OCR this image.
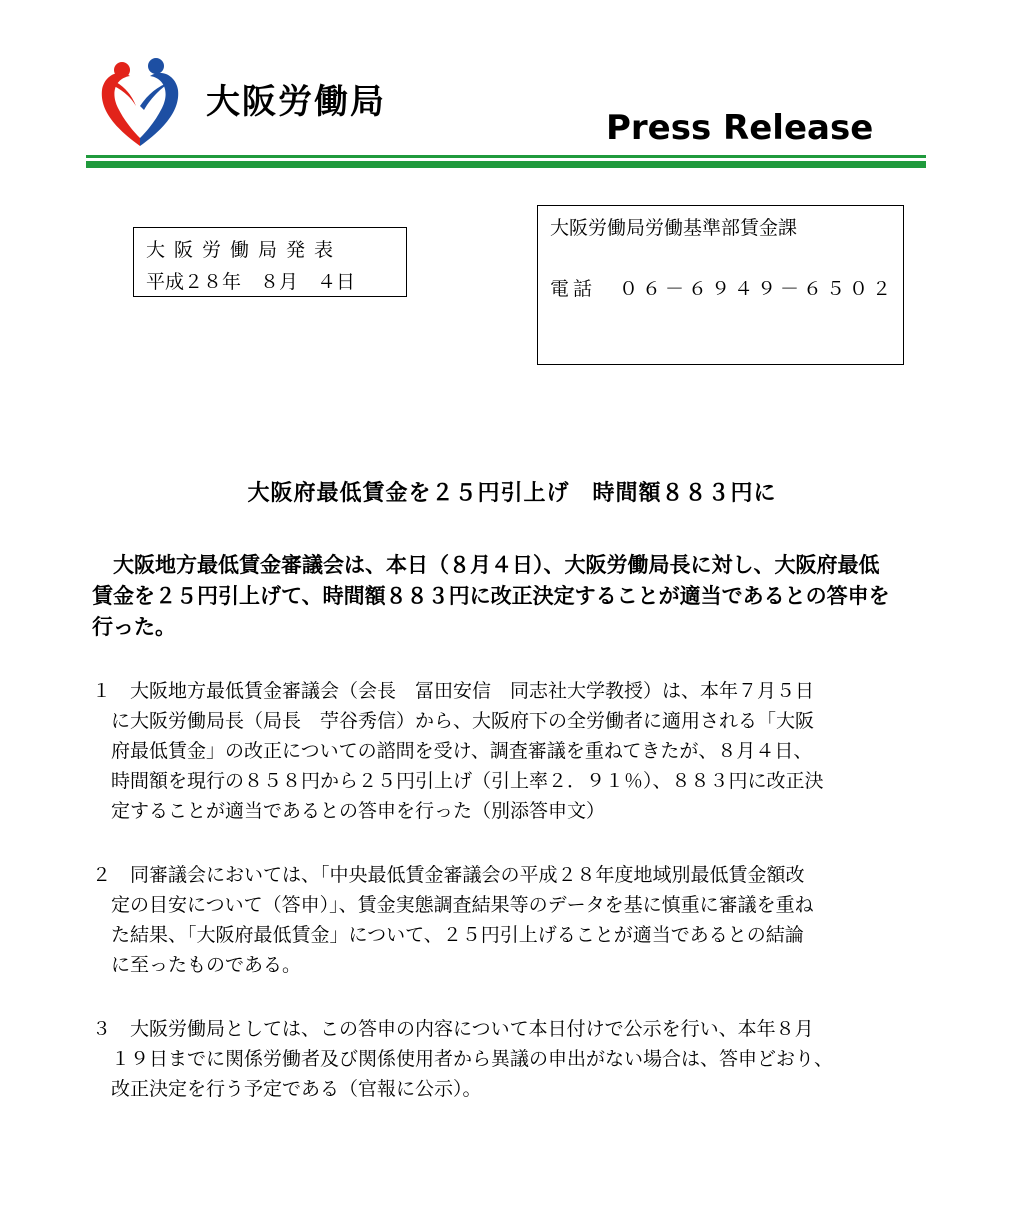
大阪労働局
Press Release
大阪労働局発表
平成２８年　８月　４日
大阪労働局労働基準部賃金課
電話　０６－６９４９－６５０２
大阪府最低賃金を２５円引上げ　時間額８８３円に
　大阪地方最低賃金審議会は、本日（８月４日）、大阪労働局長に対し、大阪府最低
賃金を２５円引上げて、時間額８８３円に改正決定することが適当であるとの答申を
行った。
１　大阪地方最低賃金審議会（会長　冨田安信　同志社大学教授）は、本年７月５日
　に大阪労働局長（局長　苧谷秀信）から、大阪府下の全労働者に適用される「大阪
　府最低賃金」の改正についての諮問を受け、調査審議を重ねてきたが、８月４日、
　時間額を現行の８５８円から２５円引上げ（引上率２．９１％）、８８３円に改正決
　定することが適当であるとの答申を行った（別添答申文）
２　同審議会においては、「中央最低賃金審議会の平成２８年度地域別最低賃金額改
　定の目安について（答申）」、賃金実態調査結果等のデータを基に慎重に審議を重ね
　た結果、「大阪府最低賃金」について、２５円引上げることが適当であるとの結論
　に至ったものである。
３　大阪労働局としては、この答申の内容について本日付けで公示を行い、本年８月
　１９日までに関係労働者及び関係使用者から異議の申出がない場合は、答申どおり、
　改正決定を行う予定である（官報に公示）。
